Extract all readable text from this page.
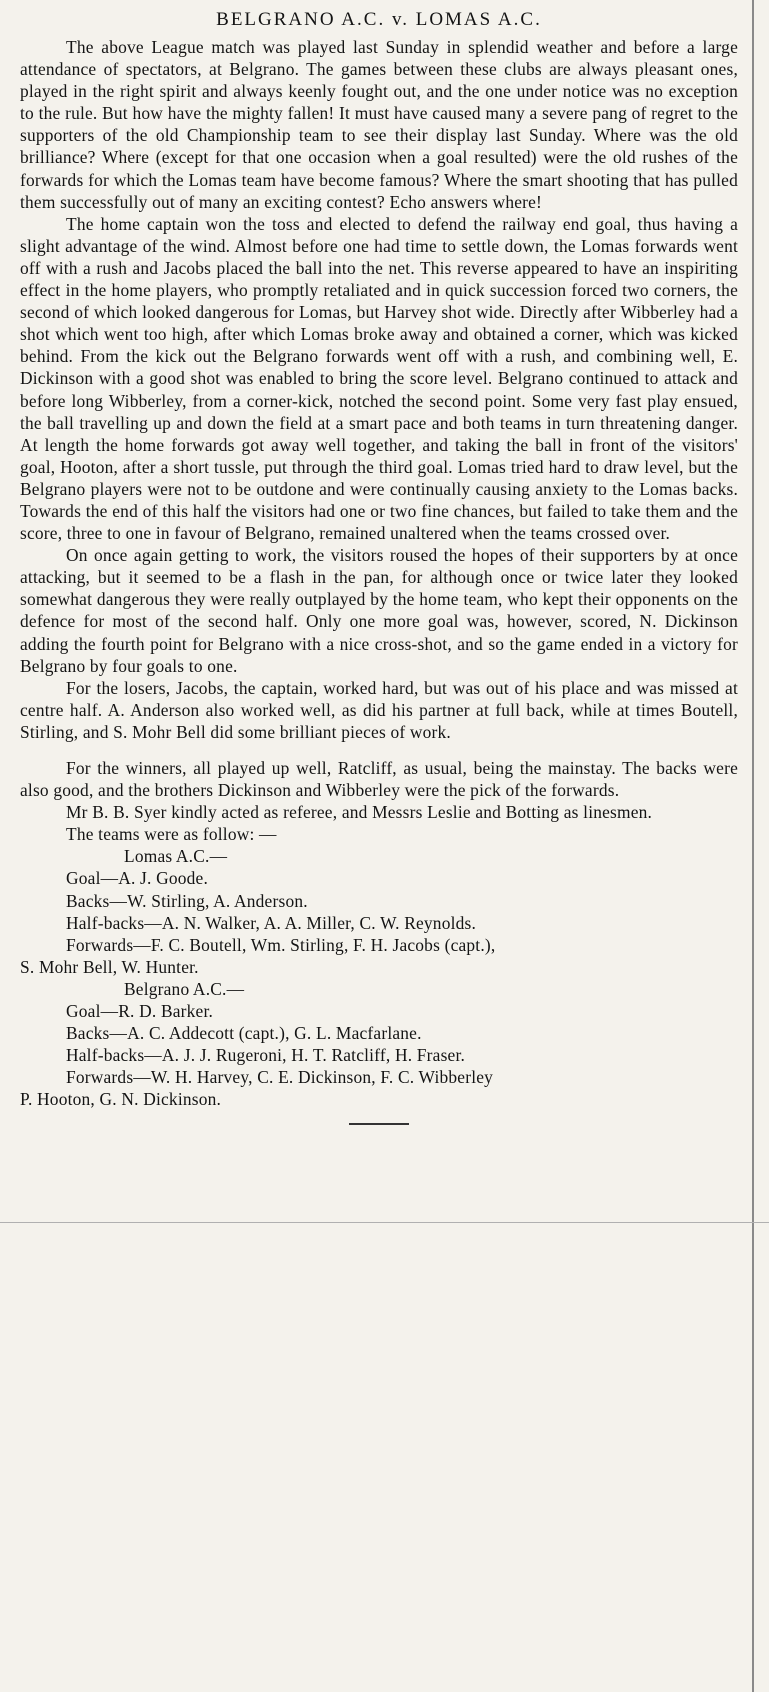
BELGRANO A.C. v. LOMAS A.C.

The above League match was played last Sunday in splendid weather and before a large attendance of spectators, at Belgrano. The games between these clubs are always pleasant ones, played in the right spirit and always keenly fought out, and the one under notice was no exception to the rule. But how have the mighty fallen! It must have caused many a severe pang of regret to the supporters of the old Championship team to see their display last Sunday. Where was the old brilliance? Where (except for that one occasion when a goal resulted) were the old rushes of the forwards for which the Lomas team have become famous? Where the smart shooting that has pulled them successfully out of many an exciting contest? Echo answers where!

The home captain won the toss and elected to defend the railway end goal, thus having a slight advantage of the wind. Almost before one had time to settle down, the Lomas forwards went off with a rush and Jacobs placed the ball into the net. This reverse appeared to have an inspiriting effect in the home players, who promptly retaliated and in quick succession forced two corners, the second of which looked dangerous for Lomas, but Harvey shot wide. Directly after Wibberley had a shot which went too high, after which Lomas broke away and obtained a corner, which was kicked behind. From the kick out the Belgrano forwards went off with a rush, and combining well, E. Dickinson with a good shot was enabled to bring the score level. Belgrano continued to attack and before long Wibberley, from a corner-kick, notched the second point. Some very fast play ensued, the ball travelling up and down the field at a smart pace and both teams in turn threatening danger. At length the home forwards got away well together, and taking the ball in front of the visitors' goal, Hooton, after a short tussle, put through the third goal. Lomas tried hard to draw level, but the Belgrano players were not to be outdone and were continually causing anxiety to the Lomas backs. Towards the end of this half the visitors had one or two fine chances, but failed to take them and the score, three to one in favour of Belgrano, remained unaltered when the teams crossed over.

On once again getting to work, the visitors roused the hopes of their supporters by at once attacking, but it seemed to be a flash in the pan, for although once or twice later they looked somewhat dangerous they were really outplayed by the home team, who kept their opponents on the defence for most of the second half. Only one more goal was, however, scored, N. Dickinson adding the fourth point for Belgrano with a nice cross-shot, and so the game ended in a victory for Belgrano by four goals to one.

For the losers, Jacobs, the captain, worked hard, but was out of his place and was missed at centre half. A. Anderson also worked well, as did his partner at full back, while at times Boutell, Stirling, and S. Mohr Bell did some brilliant pieces of work.

For the winners, all played up well, Ratcliff, as usual, being the mainstay. The backs were also good, and the brothers Dickinson and Wibberley were the pick of the forwards.

Mr B. B. Syer kindly acted as referee, and Messrs Leslie and Botting as linesmen.

The teams were as follow: —
Lomas A.C.—
Goal—A. J. Goode.
Backs—W. Stirling, A. Anderson.
Half-backs—A. N. Walker, A. A. Miller, C. W. Reynolds.
Forwards—F. C. Boutell, Wm. Stirling, F. H. Jacobs (capt.),
S. Mohr Bell, W. Hunter.
Belgrano A.C.—
Goal—R. D. Barker.
Backs—A. C. Addecott (capt.), G. L. Macfarlane.
Half-backs—A. J. J. Rugeroni, H. T. Ratcliff, H. Fraser.
Forwards—W. H. Harvey, C. E. Dickinson, F. C. Wibberley
P. Hooton, G. N. Dickinson.
